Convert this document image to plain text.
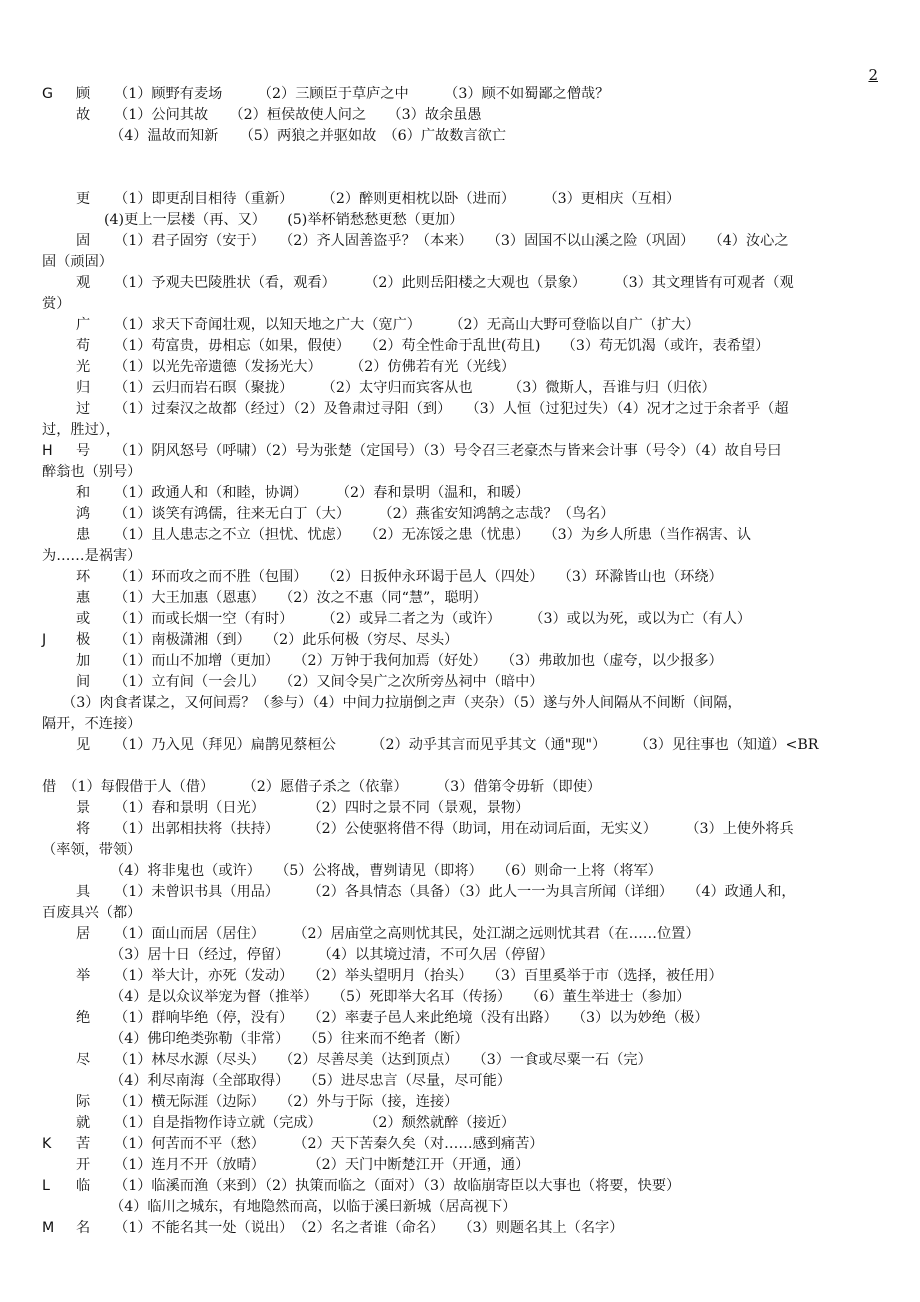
2
G 顾 （1）顾野有麦场　　　（2）三顾臣于草庐之中　　　（3）顾不如蜀鄙之僧哉？
故 （1）公问其故　　（2）桓侯故使人问之　　（3）故余虽愚
（4）温故而知新　　（5）两狼之并驱如故　（6）广故数言欲亡
更 （1）即更刮目相待（重新）　　　（2）醉则更相枕以卧（进而）　　　（3）更相庆（互相）
(4)更上一层楼（再、又）　　(5)举杯销愁愁更愁（更加）
固 （1）君子固穷（安于）　　（2）齐人固善盗乎？（本来）　　（3）固国不以山溪之险（巩固）　　（4）汝心之
固（顽固）
观 （1）予观夫巴陵胜状（看，观看）　　　（2）此则岳阳楼之大观也（景象）　　　（3）其文理皆有可观者（观
赏）
广 （1）求天下奇闻壮观，以知天地之广大（宽广）　　　（2）无高山大野可登临以自广（扩大）
苟 （1）苟富贵，毋相忘（如果，假使）　　（2）苟全性命于乱世(苟且)　　（3）苟无饥渴（或许，表希望）
光 （1）以光先帝遗德（发扬光大）　　　（2）仿佛若有光（光线）
归 （1）云归而岩石暝（聚拢）　　　（2）太守归而宾客从也　　　（3）微斯人，吾谁与归（归依）
过 （1）过秦汉之故都（经过）（2）及鲁肃过寻阳（到）　　（3）人恒（过犯过失）（4）况才之过于余者乎（超
过，胜过），
H 号 （1）阴风怒号（呼啸）（2）号为张楚（定国号）（3）号令召三老豪杰与皆来会计事（号令）（4）故自号曰
醉翁也（别号）
和 （1）政通人和（和睦，协调）　　　（2）春和景明（温和，和暖）
鸿 （1）谈笑有鸿儒，往来无白丁（大）　　　（2）燕雀安知鸿鹄之志哉？（鸟名）
患 （1）且人患志之不立（担忧、忧虑）　　（2）无冻馁之患（忧患）　　（3）为乡人所患（当作祸害、认
为……是祸害）
环 （1）环而攻之而不胜（包围）　　（2）日扳仲永环谒于邑人（四处）　　（3）环滁皆山也（环绕）
惠 （1）大王加惠（恩惠）　　（2）汝之不惠（同“慧”，聪明）
或 （1）而或长烟一空（有时）　　　（2）或异二者之为（或许）　　　（3）或以为死，或以为亡（有人）
J 极 （1）南极潇湘（到）　　（2）此乐何极（穷尽、尽头）
加 （1）而山不加增（更加）　　（2）万钟于我何加焉（好处）　　（3）弗敢加也（虚夸，以少报多）
间 （1）立有间（一会儿）　　（2）又间令吴广之次所旁丛祠中（暗中）
（3）肉食者谋之，又何间焉？（参与）（4）中间力拉崩倒之声（夹杂）（5）遂与外人间隔从不间断（间隔，
隔开，不连接）
见 （1）乃入见（拜见）扁鹊见蔡桓公　　　（2）动乎其言而见乎其文（通"现"）　　　（3）见往事也（知道）<BR
借　（1）每假借于人（借）　　　（2）愿借子杀之（依靠）　　　（3）借第令毋斩（即使）
景 （1）春和景明（日光）　　　　（2）四时之景不同（景观，景物）
将 （1）出郭相扶将（扶持）　　　（2）公使驱将借不得（助词，用在动词后面，无实义）　　　（3）上使外将兵
（率领，带领）
（4）将非鬼也（或许）　　（5）公将战，曹刿请见（即将）　　（6）则命一上将（将军）
具 （1）未曾识书具（用品）　　　（2）各具情态（具备）（3）此人一一为具言所闻（详细）　　（4）政通人和，
百废具兴（都）
居 （1）面山而居（居住）　　　（2）居庙堂之高则忧其民，处江湖之远则忧其君（在……位置）
（3）居十日（经过，停留）　　　（4）以其境过清，不可久居（停留）
举 （1）举大计，亦死（发动）　　（2）举头望明月（抬头）　　（3）百里奚举于市（选择，被任用）
（4）是以众议举宠为督（推举）　　（5）死即举大名耳（传扬）　　（6）董生举进士（参加）
绝 （1）群响毕绝（停，没有）　　（2）率妻子邑人来此绝境（没有出路）　　（3）以为妙绝（极）
（4）佛印绝类弥勒（非常）　　（5）往来而不绝者（断）
尽 （1）林尽水源（尽头）　　（2）尽善尽美（达到顶点）　　（3）一食或尽粟一石（完）
（4）利尽南海（全部取得）　　（5）进尽忠言（尽量，尽可能）
际 （1）横无际涯（边际）　　（2）外与于际（接，连接）
就 （1）自是指物作诗立就（完成）　　　　（2）颓然就醉（接近）
K 苦 （1）何苦而不平（愁）　　　（2）天下苦秦久矣（对……感到痛苦）
开 （1）连月不开（放晴）　　　　（2）天门中断楚江开（开通，通）
L 临 （1）临溪而渔（来到）（2）执策而临之（面对）（3）故临崩寄臣以大事也（将要，快要）
（4）临川之城东，有地隐然而高，以临于溪曰新城（居高视下）
M 名 （1）不能名其一处（说出）　（2）名之者谁（命名）　　（3）则题名其上（名字）
